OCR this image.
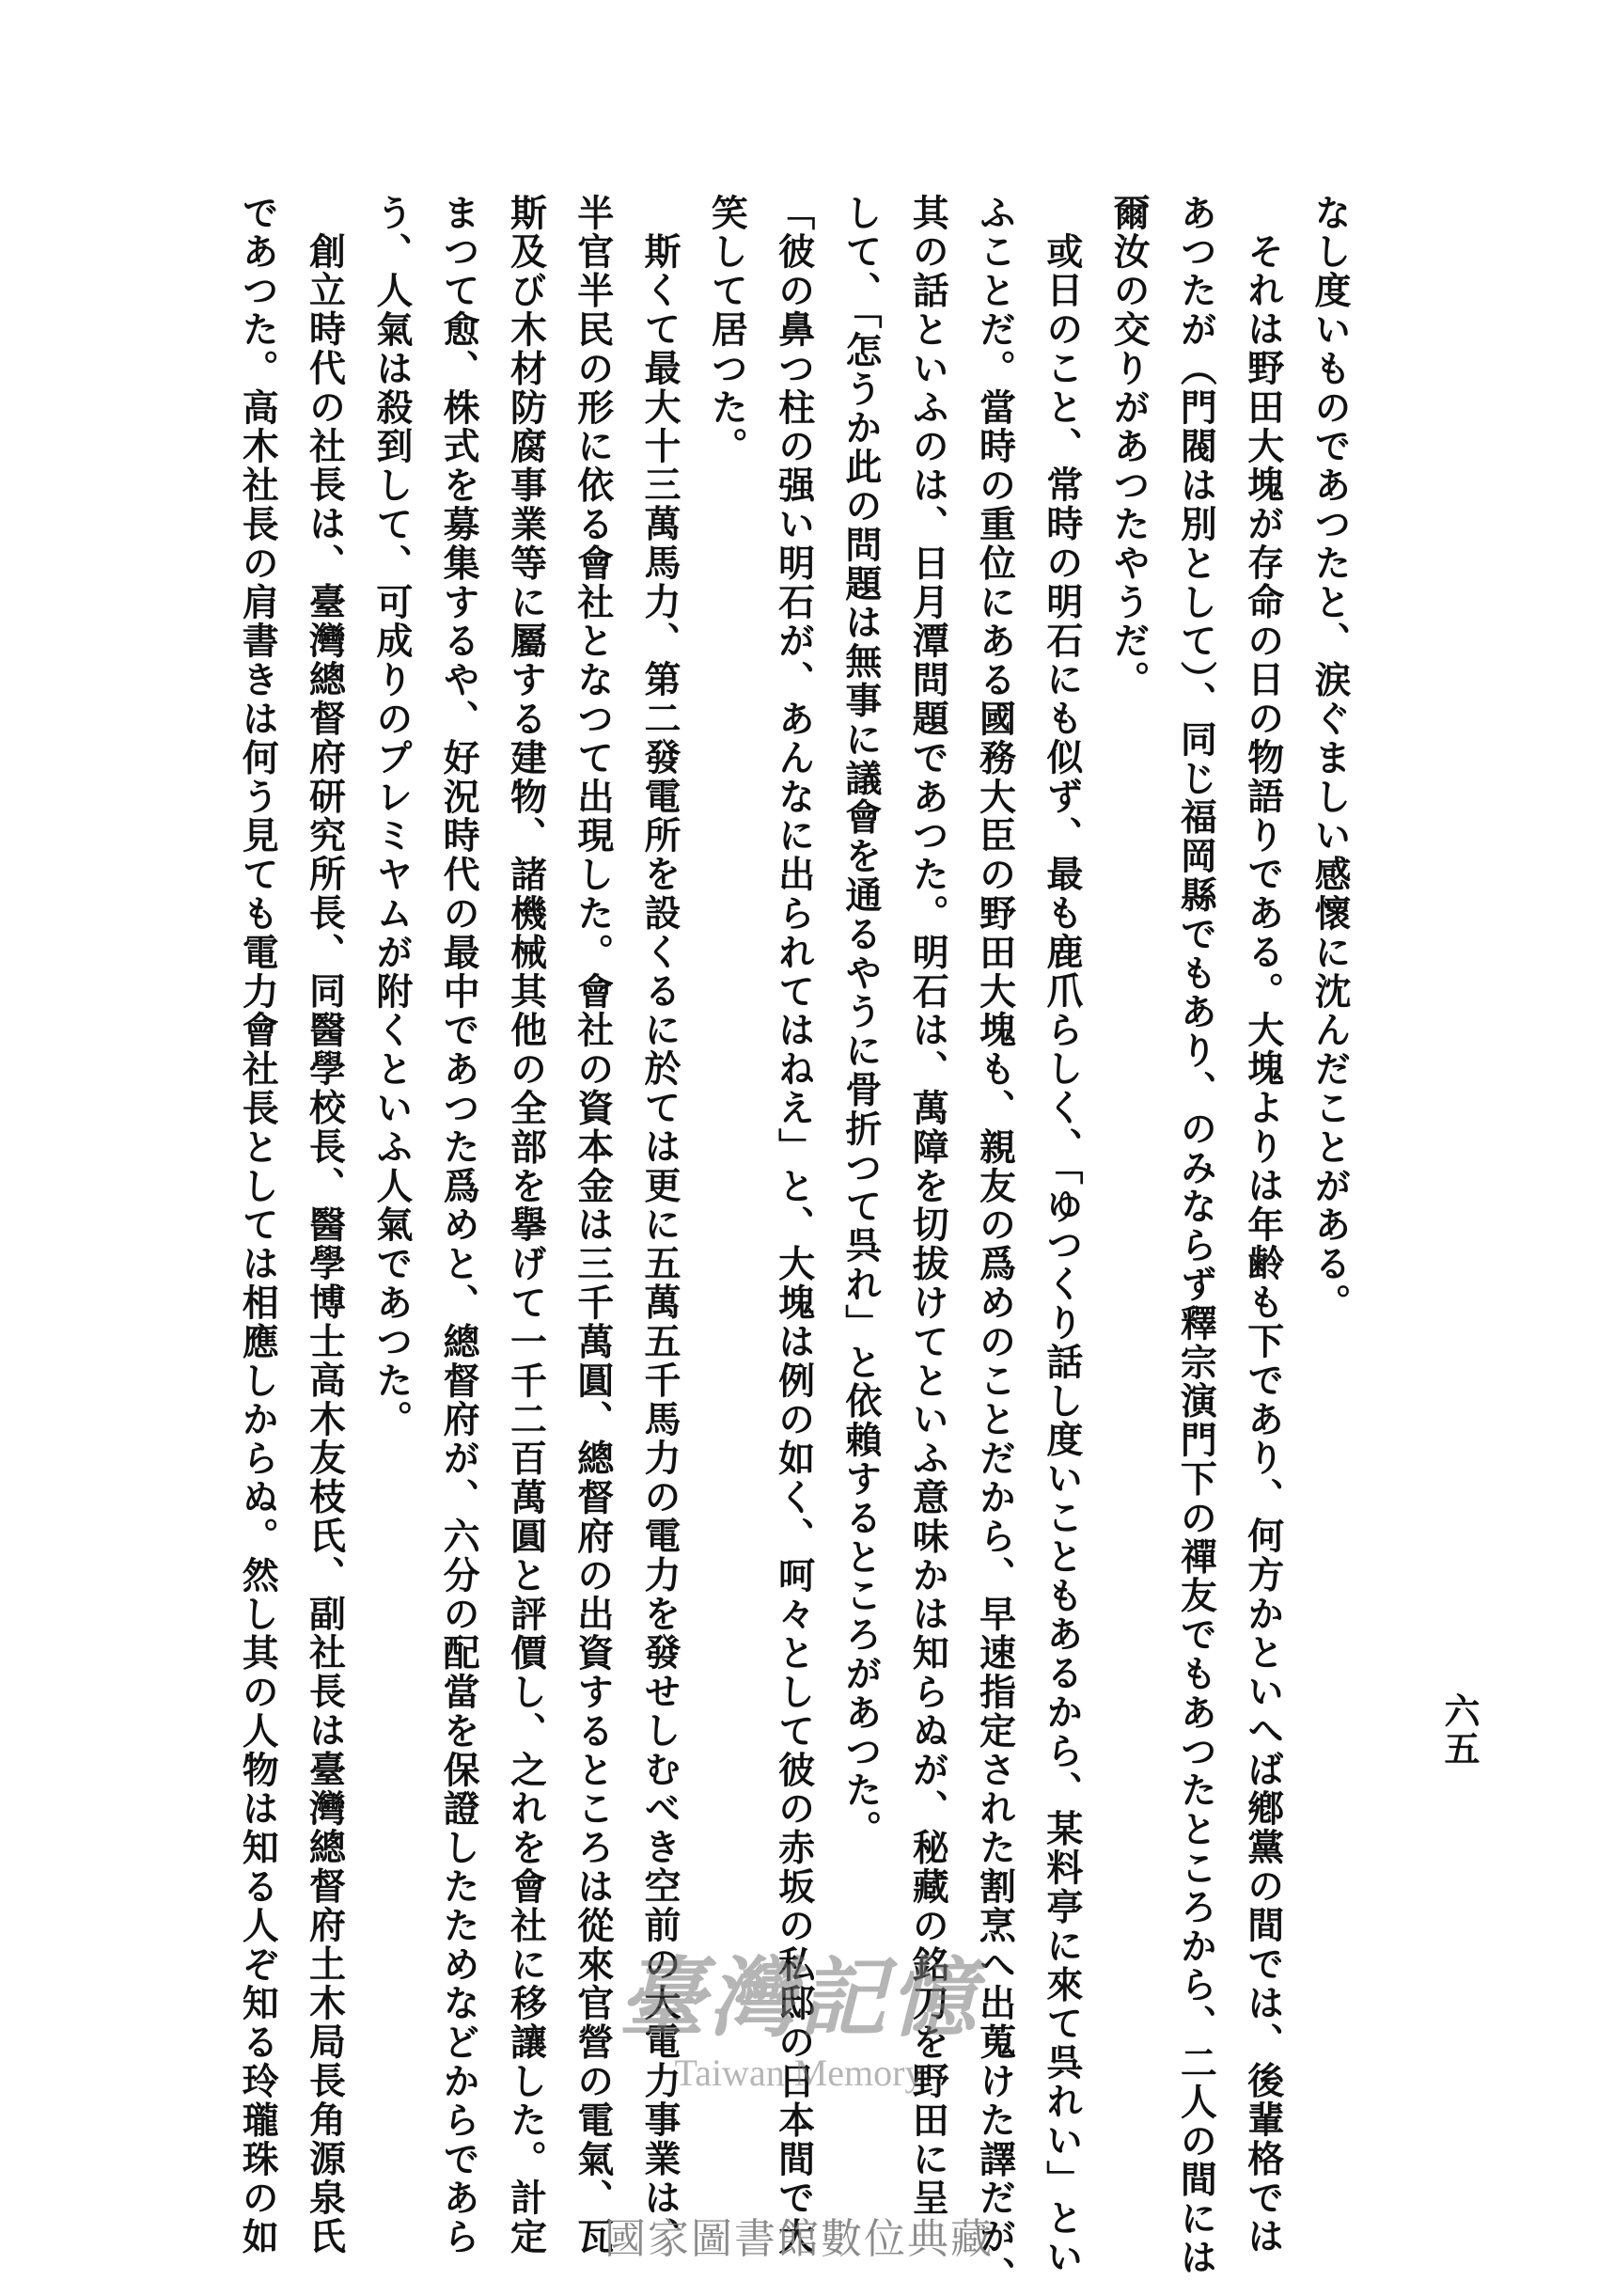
なし度いものであつたと、涙ぐましい感懷に沈んだことがある。
それは野田大塊が存命の日の物語りである。大塊よりは年齢も下であり、何方かといへば鄕黨の間では、後輩格では
あつたが（門閥は別として）、同じ福岡縣でもあり、のみならず釋宗演門下の禪友でもあつたところから、二人の間には
爾汝の交りがあつたやうだ。
或日のこと、常時の明石にも似ず、最も鹿爪らしく、「ゆつくり話し度いこともあるから、某料亭に來て呉れい」とい
ふことだ。當時の重位にある國務大臣の野田大塊も、親友の爲めのことだから、早速指定された割烹へ出蒐けた譯だが、
其の話といふのは、日月潭問題であつた。明石は、萬障を切拔けてといふ意味かは知らぬが、秘藏の銘刀を野田に呈
して、「怎うか此の問題は無事に議會を通るやうに骨折つて呉れ」と依賴するところがあつた。
「彼の鼻つ柱の强い明石が、あんなに出られてはねえ」と、大塊は例の如く、呵々として彼の赤坂の私邸の日本間で大
笑して居つた。
斯くて最大十三萬馬力、第二發電所を設くるに於ては更に五萬五千馬力の電力を發せしむべき空前の大電力事業は、
半官半民の形に依る會社となつて出現した。會社の資本金は三千萬圓、總督府の出資するところは從來官營の電氣、瓦
斯及び木材防腐事業等に屬する建物、諸機械其他の全部を擧げて一千二百萬圓と評價し、之れを會社に移讓した。計定
まつて愈、株式を募集するや、好況時代の最中であつた爲めと、總督府が、六分の配當を保證したためなどからであら
う、人氣は殺到して、可成りのプレミヤムが附くといふ人氣であつた。
創立時代の社長は、臺灣總督府研究所長、同醫學校長、醫學博士高木友枝氏、副社長は臺灣總督府土木局長角源泉氏
であつた。高木社長の肩書きは何う見ても電力會社長としては相應しからぬ。然し其の人物は知る人ぞ知る玲瓏珠の如	六五
臺灣記憶
Taiwan Memory
國家圖書館數位典藏
